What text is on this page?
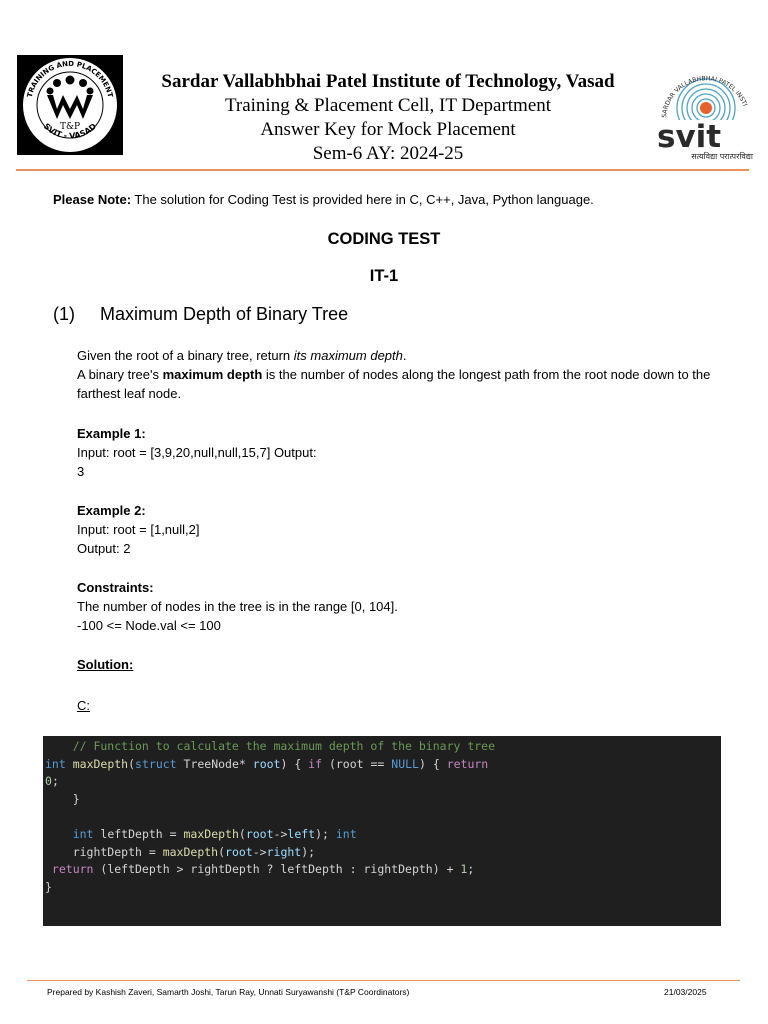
TRAINING AND PLACEMENT
SVIT - VASAD
T&P
Sardar Vallabhbhai Patel Institute of Technology, Vasad
Training & Placement Cell, IT Department
Answer Key for Mock Placement
Sem-6 AY: 2024-25
SARDAR VALLABHBHAI PATEL INSTI
svit
सत्यविद्या परात्परविद्या
Please Note: The solution for Coding Test is provided here in C, C++, Java, Python language.
CODING TEST
IT-1
(1) Maximum Depth of Binary Tree
Given the root of a binary tree, return its maximum depth.
A binary tree's maximum depth is the number of nodes along the longest path from the root node down to the farthest leaf node.
Example 1:
Input: root = [3,9,20,null,null,15,7] Output:
3
Example 2:
Input: root = [1,null,2]
Output: 2
Constraints:
The number of nodes in the tree is in the range [0, 104].
-100 <= Node.val <= 100
Solution:
C:
// Function to calculate the maximum depth of the binary tree
int maxDepth(struct TreeNode* root) { if (root == NULL) { return
0;
}
int leftDepth = maxDepth(root->left); int
rightDepth = maxDepth(root->right);
return (leftDepth > rightDepth ? leftDepth : rightDepth) + 1;
}
Prepared by Kashish Zaveri, Samarth Joshi, Tarun Ray, Unnati Suryawanshi (T&P Coordinators)	21/03/2025
